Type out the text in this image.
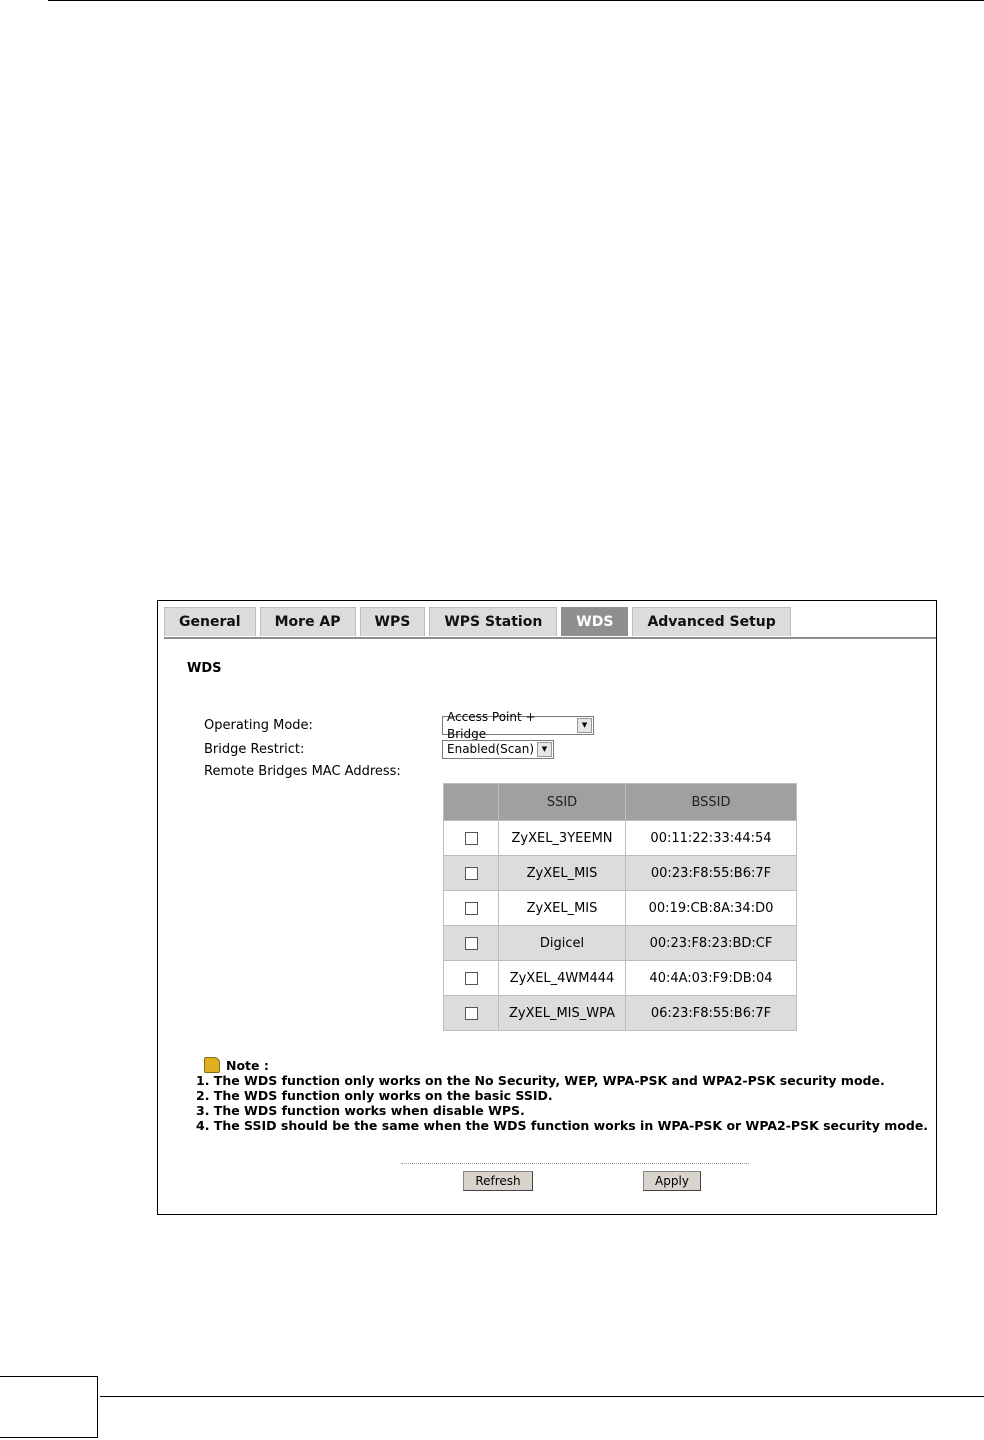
General	More AP	WPS	WPS Station	WDS	Advanced Setup
WDS
Operating Mode:
Access Point + Bridge
▼
Bridge Restrict:	Enabled(Scan)	▼
Remote Bridges MAC Address:
	SSID	BSSID
	ZyXEL_3YEEMN	00:11:22:33:44:54
	ZyXEL_MIS	00:23:F8:55:B6:7F
	ZyXEL_MIS	00:19:CB:8A:34:D0
	Digicel	00:23:F8:23:BD:CF
	ZyXEL_4WM444	40:4A:03:F9:DB:04
	ZyXEL_MIS_WPA	06:23:F8:55:B6:7F
Note :
1. The WDS function only works on the No Security, WEP, WPA-PSK and WPA2-PSK security mode.
2. The WDS function only works on the basic SSID.
3. The WDS function works when disable WPS.
4. The SSID should be the same when the WDS function works in WPA-PSK or WPA2-PSK security mode.
Refresh	Apply
